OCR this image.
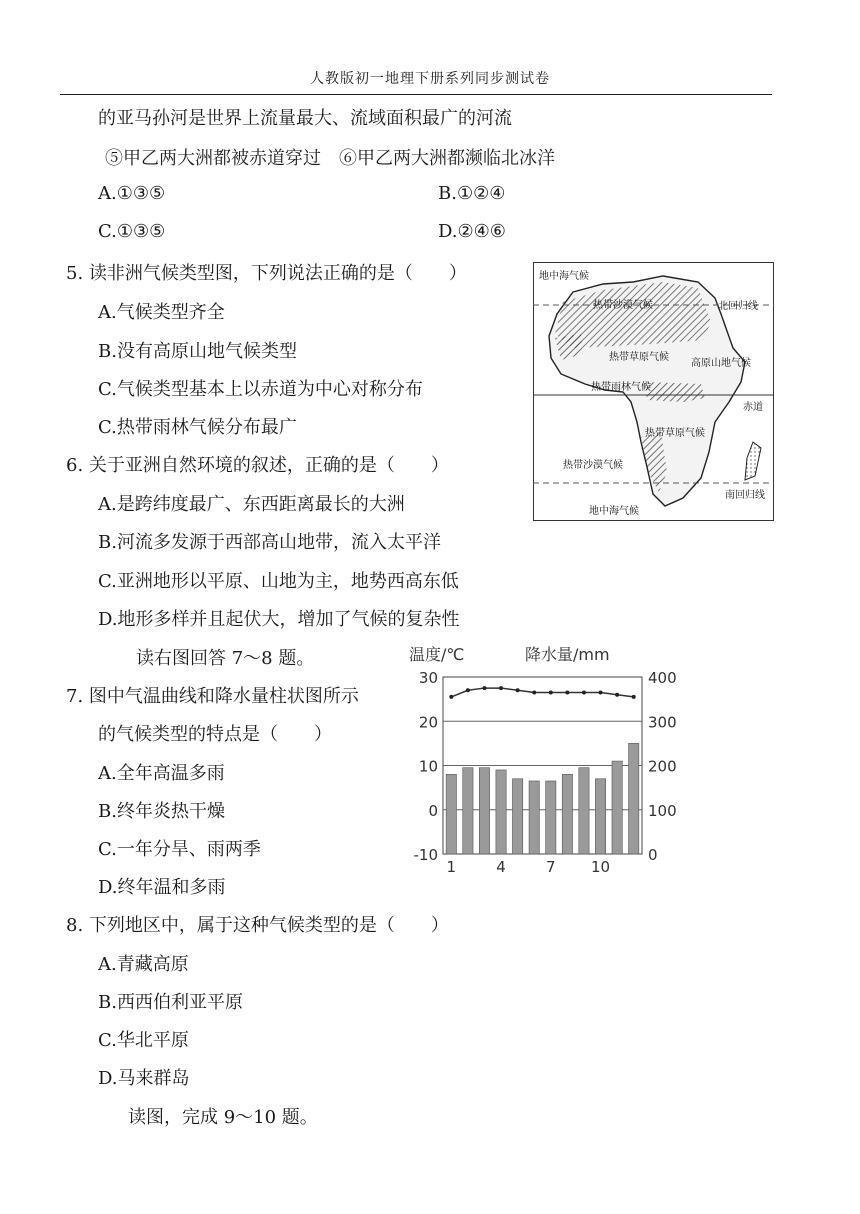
人教版初一地理下册系列同步测试卷
的亚马孙河是世界上流量最大、流域面积最广的河流
⑤甲乙两大洲都被赤道穿过　⑥甲乙两大洲都濒临北冰洋
A.①③⑤	B.①②④
C.①③⑤	D.②④⑥
5. 读非洲气候类型图，下列说法正确的是（　　）
A.气候类型齐全
B.没有高原山地气候类型
C.气候类型基本上以赤道为中心对称分布
C.热带雨林气候分布最广
6. 关于亚洲自然环境的叙述，正确的是（　　）
A.是跨纬度最广、东西距离最长的大洲
B.河流多发源于西部高山地带，流入太平洋
C.亚洲地形以平原、山地为主，地势西高东低
D.地形多样并且起伏大，增加了气候的复杂性
读右图回答 7～8 题。
7. 图中气温曲线和降水量柱状图所示
的气候类型的特点是（　　）
A.全年高温多雨
B.终年炎热干燥
C.一年分旱、雨两季
D.终年温和多雨
8. 下列地区中，属于这种气候类型的是（　　）
A.青藏高原
B.西西伯利亚平原
C.华北平原
D.马来群岛
读图，完成 9～10 题。
地中海气候
热带沙漠气候	北回归线
热带草原气候
高原山地气候
热带雨林气候
赤道
热带草原气候
热带沙漠气候
南回归线
地中海气候
温度/℃	降水量/mm
30
20
10
0
-10
400
300
200
100
0
1	4	7 10
